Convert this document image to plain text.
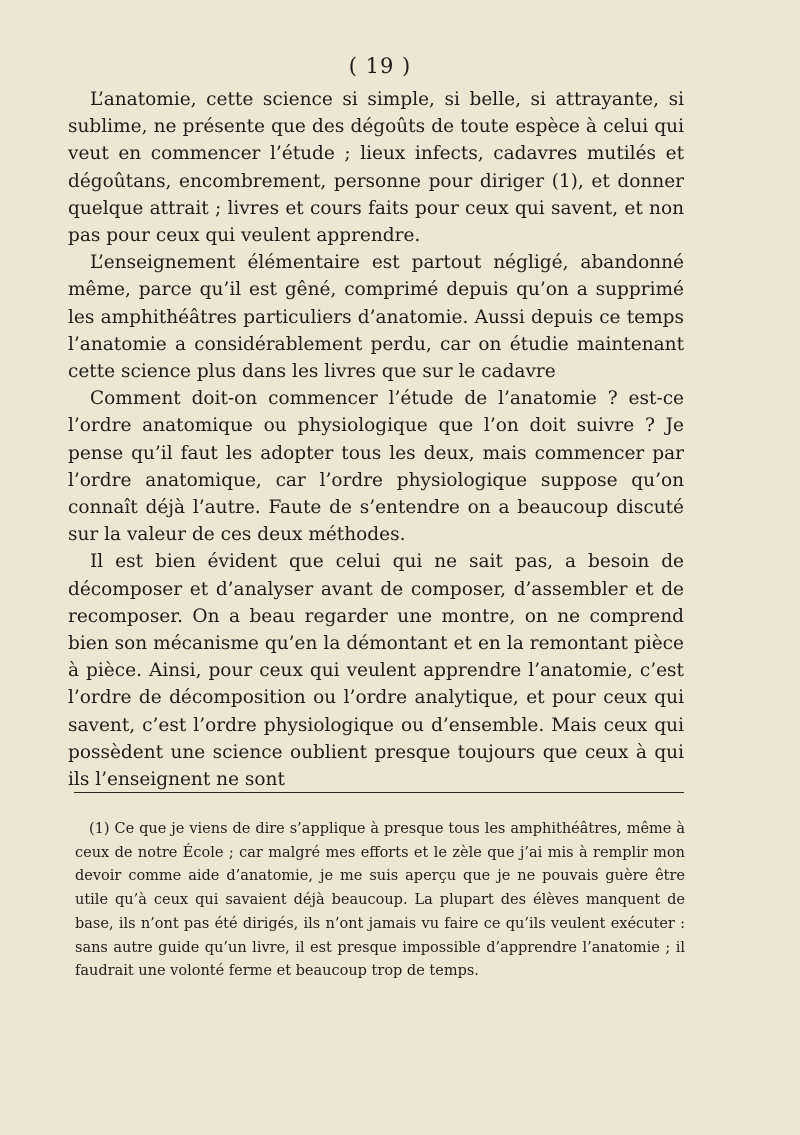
( 19 )

L’anatomie, cette science si simple, si belle, si attrayante, si sublime, ne présente que des dégoûts de toute espèce à celui qui veut en commencer l’étude ; lieux infects, cadavres mutilés et dégoûtans, encombrement, personne pour diriger (1), et donner quelque attrait ; livres et cours faits pour ceux qui savent, et non pas pour ceux qui veulent apprendre.

L’enseignement élémentaire est partout négligé, abandonné même, parce qu’il est gêné, comprimé depuis qu’on a supprimé les amphithéâtres particuliers d’anatomie. Aussi depuis ce temps l’anatomie a considérablement perdu, car on étudie maintenant cette science plus dans les livres que sur le cadavre

Comment doit-on commencer l’étude de l’anatomie ? est-ce l’ordre anatomique ou physiologique que l’on doit suivre ? Je pense qu’il faut les adopter tous les deux, mais commencer par l’ordre anatomique, car l’ordre physiologique suppose qu’on connaît déjà l’autre. Faute de s’entendre on a beaucoup discuté sur la valeur de ces deux méthodes.

Il est bien évident que celui qui ne sait pas, a besoin de décomposer et d’analyser avant de composer, d’assembler et de recomposer. On a beau regarder une montre, on ne comprend bien son mécanisme qu’en la démontant et en la remontant pièce à pièce. Ainsi, pour ceux qui veulent apprendre l’anatomie, c’est l’ordre de décomposition ou l’ordre analytique, et pour ceux qui savent, c’est l’ordre physiologique ou d’ensemble. Mais ceux qui possèdent une science oublient presque toujours que ceux à qui ils l’enseignent ne sont

(1) Ce que je viens de dire s’applique à presque tous les amphithéâtres, même à ceux de notre École ; car malgré mes efforts et le zèle que j’ai mis à remplir mon devoir comme aide d’anatomie, je me suis aperçu que je ne pouvais guère être utile qu’à ceux qui savaient déjà beaucoup. La plupart des élèves manquent de base, ils n’ont pas été dirigés, ils n’ont jamais vu faire ce qu’ils veulent exécuter : sans autre guide qu’un livre, il est presque impossible d’apprendre l’anatomie ; il faudrait une volonté ferme et beaucoup trop de temps.
